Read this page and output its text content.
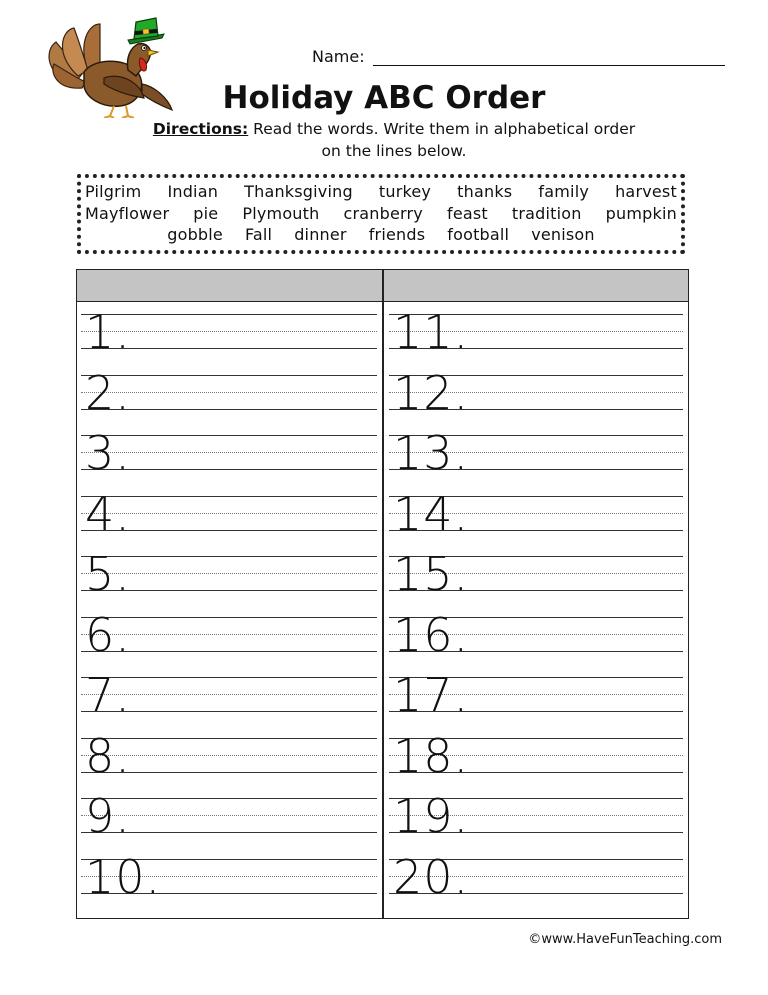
Name:
Holiday ABC Order
Directions: Read the words. Write them in alphabetical order
on the lines below.
Pilgrim Indian Thanksgiving turkey thanks family harvest
Mayflower pie Plymouth cranberry feast tradition pumpkin
gobble Fall dinner friends football venison
1.
2.
3.
4.
5.
6.
7.
8.
9.
10.
11.
12.
13.
14.
15.
16.
17.
18.
19.
20.
©www.HaveFunTeaching.com
